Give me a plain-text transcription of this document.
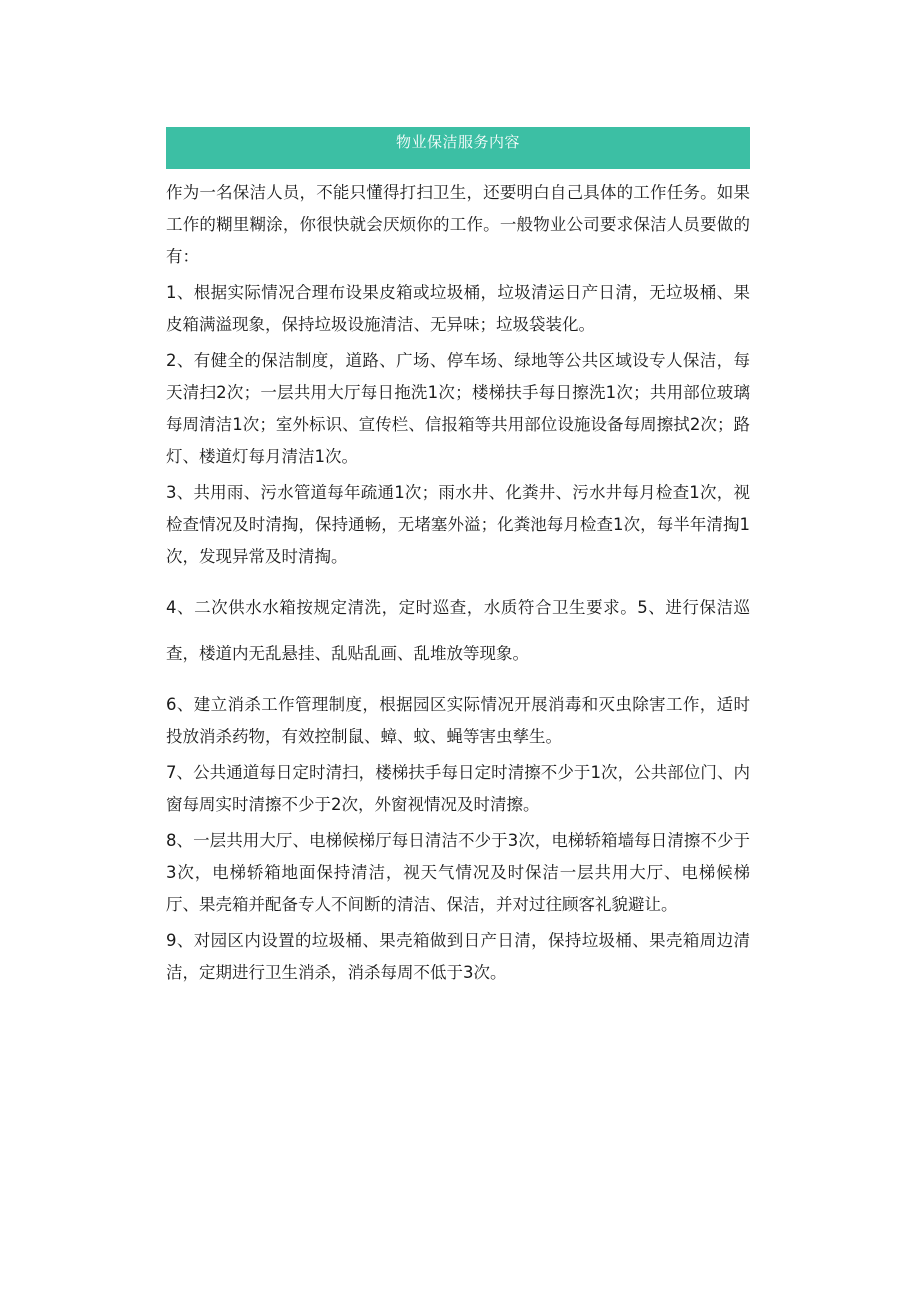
物业保洁服务内容

作为一名保洁人员，不能只懂得打扫卫生，还要明白自己具体的工作任务。如果工作的糊里糊涂，你很快就会厌烦你的工作。一般物业公司要求保洁人员要做的有：

1、根据实际情况合理布设果皮箱或垃圾桶，垃圾清运日产日清，无垃圾桶、果皮箱满溢现象，保持垃圾设施清洁、无异味；垃圾袋装化。

2、有健全的保洁制度，道路、广场、停车场、绿地等公共区域设专人保洁，每天清扫2次；一层共用大厅每日拖洗1次；楼梯扶手每日擦洗1次；共用部位玻璃每周清洁1次；室外标识、宣传栏、信报箱等共用部位设施设备每周擦拭2次；路灯、楼道灯每月清洁1次。

3、共用雨、污水管道每年疏通1次；雨水井、化粪井、污水井每月检查1次，视检查情况及时清掏，保持通畅，无堵塞外溢；化粪池每月检查1次，每半年清掏1次，发现异常及时清掏。

4、二次供水水箱按规定清洗，定时巡查，水质符合卫生要求。5、进行保洁巡查，楼道内无乱悬挂、乱贴乱画、乱堆放等现象。

6、建立消杀工作管理制度，根据园区实际情况开展消毒和灭虫除害工作，适时投放消杀药物，有效控制鼠、蟑、蚊、蝇等害虫孳生。

7、公共通道每日定时清扫，楼梯扶手每日定时清擦不少于1次，公共部位门、内窗每周实时清擦不少于2次，外窗视情况及时清擦。

8、一层共用大厅、电梯候梯厅每日清洁不少于3次，电梯轿箱墙每日清擦不少于3次，电梯轿箱地面保持清洁，视天气情况及时保洁一层共用大厅、电梯候梯厅、果壳箱并配备专人不间断的清洁、保洁，并对过往顾客礼貌避让。

9、对园区内设置的垃圾桶、果壳箱做到日产日清，保持垃圾桶、果壳箱周边清洁，定期进行卫生消杀，消杀每周不低于3次。
